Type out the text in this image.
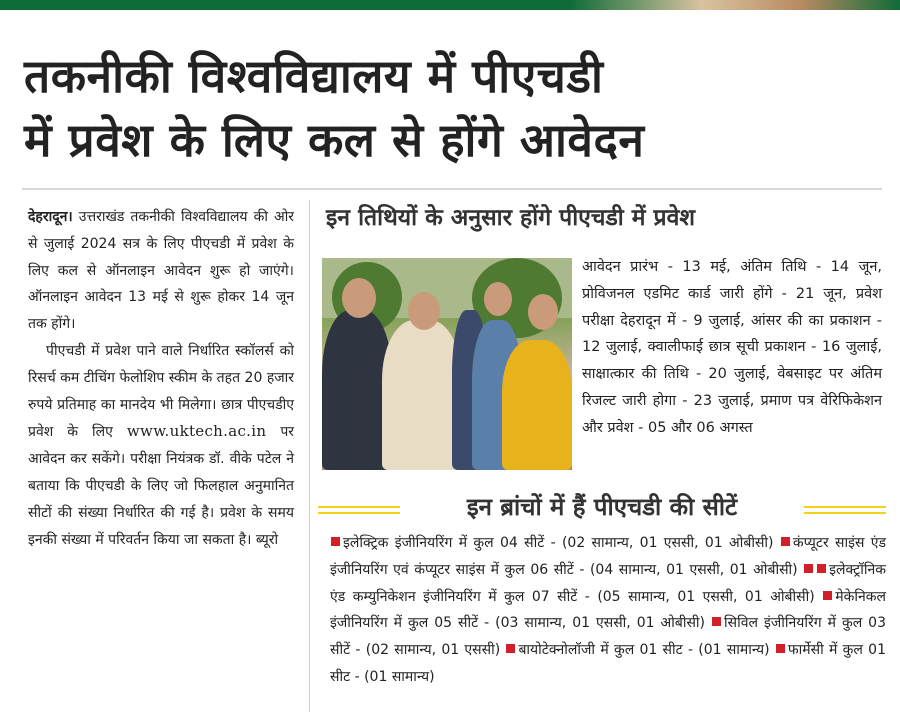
तकनीकी विश्वविद्यालय में पीएचडी
में प्रवेश के लिए कल से होंगे आवेदन

देहरादून। उत्तराखंड तकनीकी विश्वविद्यालय की ओर से जुलाई 2024 सत्र के लिए पीएचडी में प्रवेश के लिए कल से ऑनलाइन आवेदन शुरू हो जाएंगे। ऑनलाइन आवेदन 13 मई से शुरू होकर 14 जून तक होंगे।

पीएचडी में प्रवेश पाने वाले निर्धारित स्कॉलर्स को रिसर्च कम टीचिंग फेलोशिप स्कीम के तहत 20 हजार रुपये प्रतिमाह का मानदेय भी मिलेगा। छात्र पीएचडीए प्रवेश के लिए www.uktech.ac.in पर आवेदन कर सकेंगे। परीक्षा नियंत्रक डॉ. वीके पटेल ने बताया कि पीएचडी के लिए जो फिलहाल अनुमानित सीटों की संख्या निर्धारित की गई है। प्रवेश के समय इनकी संख्या में परिवर्तन किया जा सकता है। ब्यूरो

इन तिथियों के अनुसार होंगे पीएचडी में प्रवेश
आवेदन प्रारंभ - 13 मई, अंतिम तिथि - 14 जून, प्रोविजनल एडमिट कार्ड जारी होंगे - 21 जून, प्रवेश परीक्षा देहरादून में - 9 जुलाई, आंसर की का प्रकाशन - 12 जुलाई, क्वालीफाई छात्र सूची प्रकाशन - 16 जुलाई, साक्षात्कार की तिथि - 20 जुलाई, वेबसाइट पर अंतिम रिजल्ट जारी होगा - 23 जुलाई, प्रमाण पत्र वेरिफिकेशन और प्रवेश - 05 और 06 अगस्त
इन ब्रांचों में हैं पीएचडी की सीटें
इलेक्ट्रिक इंजीनियरिंग में कुल 04 सीटें - (02 सामान्य, 01 एससी, 01 ओबीसी) कंप्यूटर साइंस एंड इंजीनियरिंग एवं कंप्यूटर साइंस में कुल 06 सीटें - (04 सामान्य, 01 एससी, 01 ओबीसी) इलेक्ट्रॉनिक एंड कम्युनिकेशन इंजीनियरिंग में कुल 07 सीटें - (05 सामान्य, 01 एससी, 01 ओबीसी) मेकेनिकल इंजीनियरिंग में कुल 05 सीटें - (03 सामान्य, 01 एससी, 01 ओबीसी) सिविल इंजीनियरिंग में कुल 03 सीटें - (02 सामान्य, 01 एससी) बायोटेक्नोलॉजी में कुल 01 सीट - (01 सामान्य) फार्मेसी में कुल 01 सीट - (01 सामान्य)
